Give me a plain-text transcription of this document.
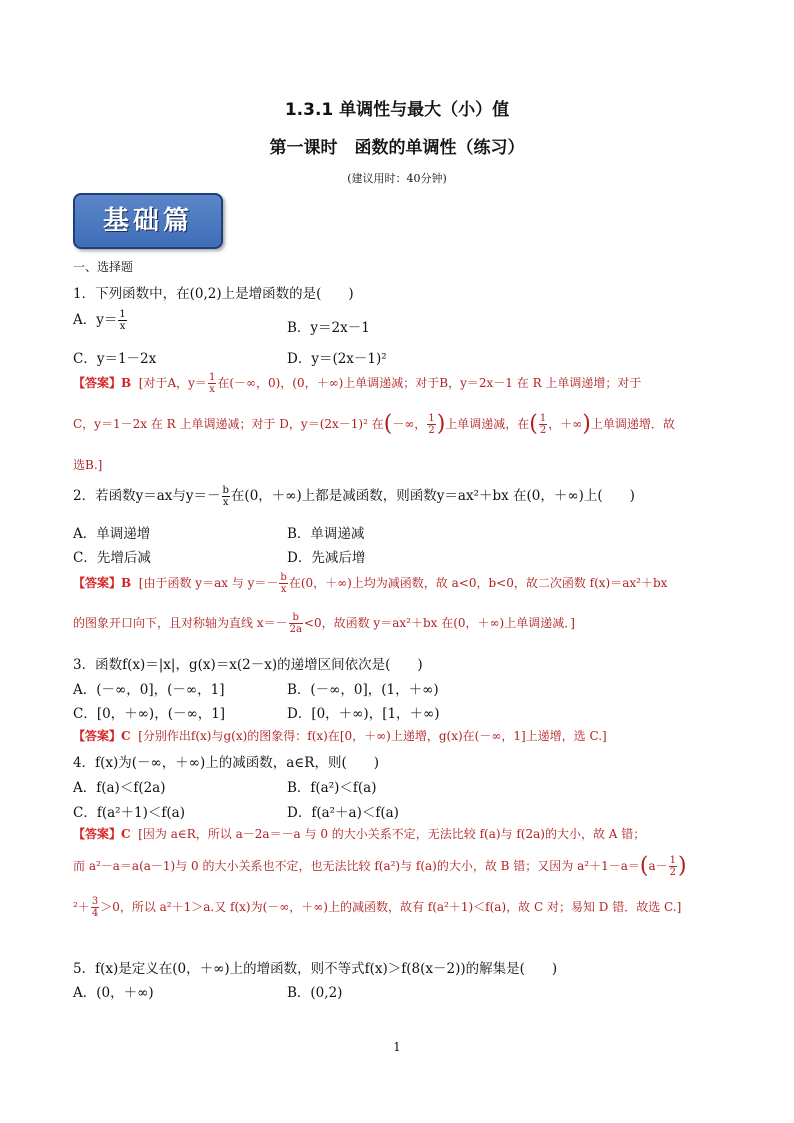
1.3.1 单调性与最大（小）值
第一课时　函数的单调性（练习）
(建议用时：40分钟)
基础篇
一、选择题
1．下列函数中，在(0,2)上是增函数的是(　　)
A．$y= \frac{1}{x}$	B．y＝2x－1
C．y＝1－2x	D．y＝(2x－1)²
【答案】B [对于A，$y= \frac{1}{x}$ 在(－∞，0)，(0，＋∞)上单调递减；对于B，y＝2x－1 在 R 上单调递增；对于
C，y＝1－2x 在 R 上单调递减；对于 D，y＝(2x－1)² 在(－∞， $\frac{1}{2}$ )上单调递减，在( $\frac{1}{2}$ ，＋∞)上单调递增．故
选B.]
2．若函数y＝ax与$y=- \frac{b}{x}$ 在(0，＋∞)上都是减函数，则函数y＝ax²＋bx 在(0，＋∞)上(　　)
A．单调递增	B．单调递减
C．先增后减	D．先减后增
【答案】B [由于函数 y＝ax 与 $y=- \frac{b}{x}$ 在(0，＋∞)上均为减函数，故 a<0，b<0，故二次函数 f(x)＝ax²＋bx
的图象开口向下，且对称轴为直线 $x=- \frac{b}{2a} <0$，故函数 y＝ax²＋bx 在(0，＋∞)上单调递减．]
3．函数f(x)＝|x|，g(x)＝x(2－x)的递增区间依次是(　　)
A．(－∞，0]，(－∞，1]	B．(－∞，0]，(1，＋∞)
C．[0，＋∞)，(－∞，1]	D．[0，＋∞)，[1，＋∞)
【答案】C [分别作出f(x)与g(x)的图象得：f(x)在[0，＋∞)上递增，g(x)在(－∞，1]上递增，选 C.]
4．f(x)为(－∞，＋∞)上的减函数，a∈R，则(　　)
A．f(a)＜f(2a)	B．f(a²)＜f(a)
C．f(a²＋1)＜f(a)	D．f(a²＋a)＜f(a)
【答案】C [因为 a∈R，所以 a－2a＝－a 与 0 的大小关系不定，无法比较 f(a)与 f(2a)的大小，故 A 错；
而 a²－a＝a(a－1)与 0 的大小关系也不定，也无法比较 f(a²)与 f(a)的大小，故 B 错；又因为 $a^2+1-a=(a- \frac{1}{2}$ )
$^2+ \frac{3}{4} >0$，所以 a²＋1＞a.又 f(x)为(－∞，＋∞)上的减函数，故有 f(a²＋1)＜f(a)，故 C 对；易知 D 错．故选 C.]
5．f(x)是定义在(0，＋∞)上的增函数，则不等式f(x)＞f(8(x－2))的解集是(　　)
A．(0，＋∞)	B．(0,2)
1
